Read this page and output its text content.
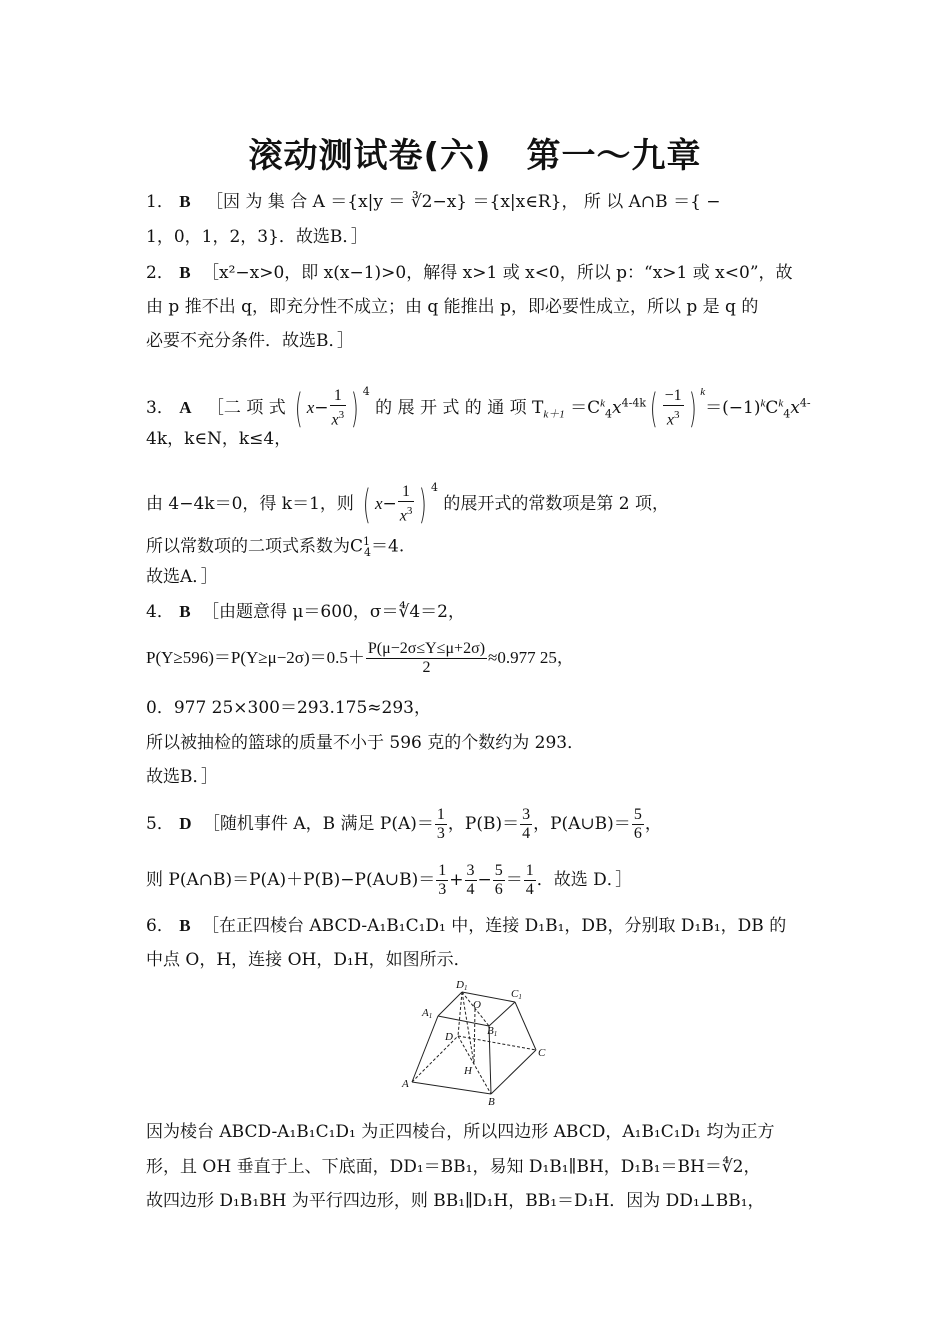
滚动测试卷(六)　第一～九章
1． B ［因 为 集 合 A ＝{x|y ＝ ∛2−x} ＝{x|x∈R}， 所 以 A∩B ＝{ −
1，0，1，2，3}．故选B．］
2． B ［x²−x>0，即 x(x−1)>0，解得 x>1 或 x<0，所以 p：“x>1 或 x<0”，故
由 p 推不出 q，即充分性不成立；由 q 能推出 p，即必要性成立，所以 p 是 q 的
必要不充分条件．故选B．］
3． A ［二 项 式 ( $x- \frac{1}{x^3}$ ) $^4$ 的 展 开 式 的 通 项 $T_{k+1} =C^k_4x^{4-4k}( \frac{-1}{x^3}$ ) $^k=(-1)^kC^k_4x^{4-}$
4k，k∈N，k≤4，
由 4−4k＝0，得 k＝1，则 ( $x- \frac{1}{x^3}$ ) $^4$ 的展开式的常数项是第 2 项，
所以常数项的二项式系数为$C^1_4=4$.
故选A．］
4． B ［由题意得 μ＝600，σ＝∜4＝2，
$P(Y\ge 596)=P(Y\ge\mu-2\sigma)=0.5+ \frac{P(\mu-2\sigma\le Y\le\mu+2\sigma)}{2} \approx 0.977$ 25，
0．977 25×300＝293.175≈293，
所以被抽检的篮球的质量不小于 596 克的个数约为 293．
故选B．］
5． D ［随机事件 A，B 满足 $P(A)= \frac{1}{3}$ ，$P(B)= \frac{3}{4}$ ，P(A∪B)＝ $\frac{5}{6}$ ，
则 P(A∩B)＝P(A)＋P(B)−P(A∪B)＝ $\frac{1}{3} + \frac{3}{4} - \frac{5}{6} = \frac{1}{4}$ ．故选 D．］
6． B ［在正四棱台 ABCD-A₁B₁C₁D₁ 中，连接 D₁B₁，DB，分别取 D₁B₁，DB 的
中点 O，H，连接 OH，D₁H，如图所示．
D1	C1
A1
O
B1
D
C
H
A
B
因为棱台 ABCD-A₁B₁C₁D₁ 为正四棱台，所以四边形 ABCD，A₁B₁C₁D₁ 均为正方
形，且 OH 垂直于上、下底面，DD₁＝BB₁，易知 D₁B₁∥BH，D₁B₁＝BH＝∜2，
故四边形 D₁B₁BH 为平行四边形，则 BB₁∥D₁H，BB₁＝D₁H．因为 DD₁⊥BB₁，
